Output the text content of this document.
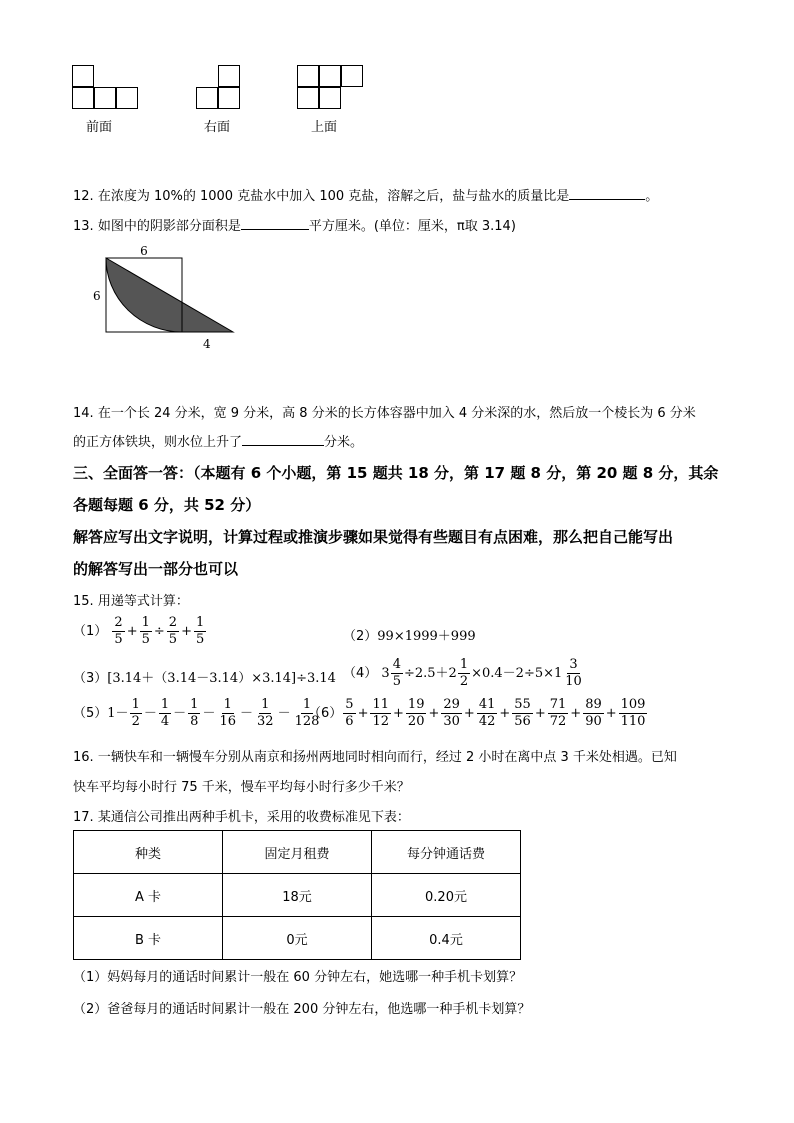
前面	右面	上面
12. 在浓度为 10%的 1000 克盐水中加入 100 克盐，溶解之后，盐与盐水的质量比是	。
13. 如图中的阴影部分面积是	平方厘米。(单位：厘米，π取 3.14)
6
6
4
14. 在一个长 24 分米，宽 9 分米，高 8 分米的长方体容器中加入 4 分米深的水，然后放一个棱长为 6 分米
的正方体铁块，则水位上升了	分米。
三、全面答一答：（本题有 6 个小题，第 15 题共 18 分，第 17 题 8 分，第 20 题 8 分，其余
各题每题 6 分，共 52 分）
解答应写出文字说明，计算过程或推演步骤如果觉得有些题目有点困难，那么把自己能写出
的解答写出一部分也可以
15. 用递等式计算：
$(1) \frac{2}{5} + \frac{1}{5} \div \frac{2}{5} + \frac{1}{5}$	（2）99×1999＋999
（3）[3.14＋（3.14－3.14）×3.14]÷3.14 （4） $3 \frac{4}{5} \div 2.5+2 \frac{1}{2} \times 0.4-2\div 5\times 1 \frac{3}{10}$
$(5)1- \frac{1}{2} - \frac{1}{4} - \frac{1}{8} - \frac{1}{16} - \frac{1}{32} - \frac{1}{128}$
$(6) \frac{5}{6} + \frac{11}{12} + \frac{19}{20} + \frac{29}{30} + \frac{41}{42} + \frac{55}{56} + \frac{71}{72} + \frac{89}{90} + \frac{109}{110}$
16. 一辆快车和一辆慢车分别从南京和扬州两地同时相向而行，经过 2 小时在离中点 3 千米处相遇。已知
快车平均每小时行 75 千米，慢车平均每小时行多少千米？
17. 某通信公司推出两种手机卡，采用的收费标准见下表：
种类	固定月租费	每分钟通话费
A 卡	18元	0.20元
B 卡	0元	0.4元
（1）妈妈每月的通话时间累计一般在 60 分钟左右，她选哪一种手机卡划算？
（2）爸爸每月的通话时间累计一般在 200 分钟左右，他选哪一种手机卡划算？
